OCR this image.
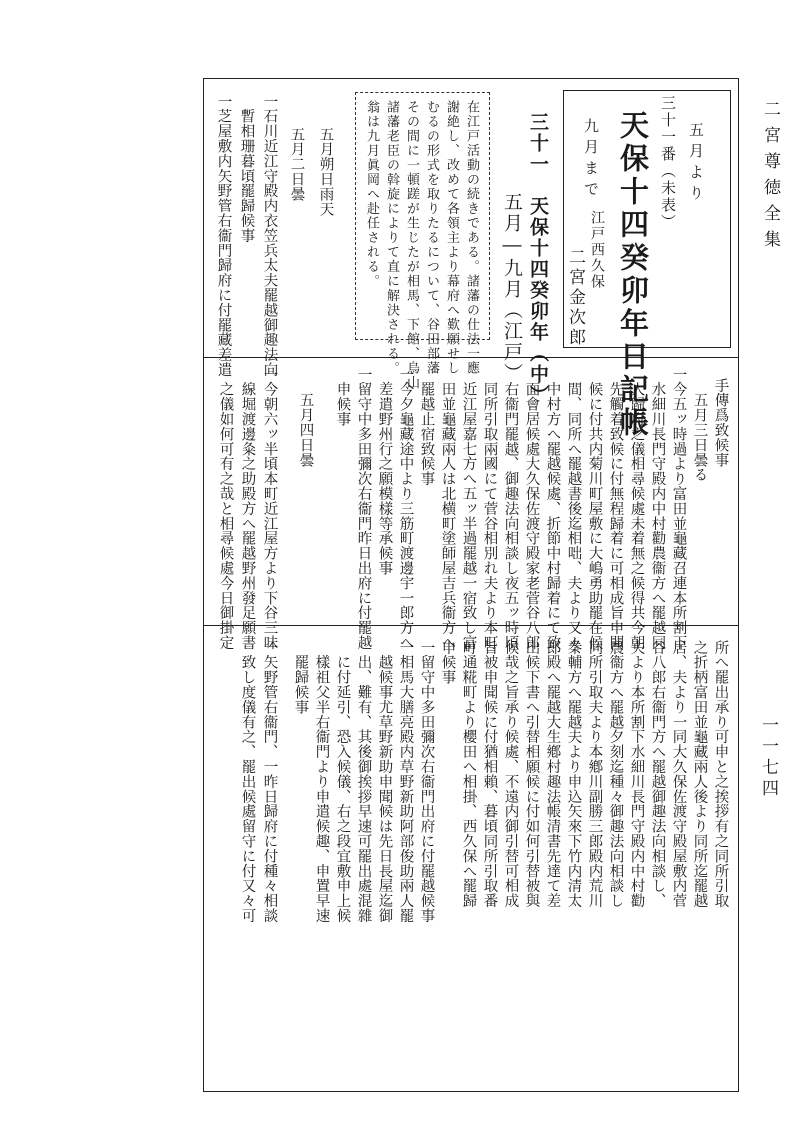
二宮尊徳全集
一一七四
五月より
三十一番（未表）
天保十四癸卯年日記帳
江戸西久保
九月まで
二宮金次郎
三十一　天保十四癸卯年（中）
五月―九月（江戸）
在江戸活動の続きである。諸藩の仕法一應
謝絶し、改めて各領主より幕府へ歎願せし
むるの形式を取りたるについて、谷田部藩
その間に一頓蹉が生じたが相馬、下館、烏山
諸藩老臣の斡旋によりて直に解決される。
翁は九月眞岡へ赴任される。
五月朔日雨天
五月二日曇
一石川近江守殿内衣笠兵太夫罷越御趣法向
　暫相珊暮頃罷歸候事
一芝屋敷内矢野管右衞門歸府に付罷藏差遣
手傳爲致候事
　五月三日曇る
一今五ッ時過より富田並龜藏召連本所割下
　水細川長門守殿内中村勸農衞方へ罷越同
　人歸府之儀相尋候處未着無之候得共今朝
　先觸着致候に付無程歸着に可相成旨申聞
　候に付共内菊川町屋敷に大嶋勇助罷在候
　間、同所へ罷越書後迄相咄、夫より又々
　中村方へ罷越候處、折節中村歸着にて致
　面會居候處大久保佐渡守殿家老菅谷八郎
　右衞門罷越、御趣法向相談し夜五ッ時頃
　同所引取兩國にて菅谷相別れ夫より本町
　近江屋嘉七方へ五ッ半過罷越一宿致し富
　田並龜藏兩人は北横町塗師屋吉兵衞方へ
　罷越止宿致候事
一今夕龜藏途中より三筋町渡邊宇一郎方へ
　差遣野州行之願模樣等承候事
一留守中多田彌次右衞門昨日出府に付罷越
　申候事
　五月四日曇
一今朝六ッ半頃本町近江屋方より下谷三味
　線堀渡邊粂之助殿方へ罷越野州發足願書
　之儀如何可有之哉と相尋候處今日御掛定
所へ罷出承り可申と之挨拶有之同所引取
之折柄富田並龜藏兩人後より同所迄罷越
居、夫より一同大久保佐渡守殿屋敷内菅
谷八郎右衞門方へ罷越御趣法向相談し、
夫より本所割下水細川長門守殿内中村勸
農衞方へ罷越夕刻迄種々御趣法向相談し
同所引取夫より本鄕川副勝三郎殿内荒川
桊輔方へ罷越夫より申込矢來下竹内清太
郎殿へ罷越大生鄕村趣法帳清書先達て差
出候下書へ引替相願候に付如何引替被與
候哉之旨承り候處、不遠内御引替可相成
旨被申聞候に付猶相賴、暮頃同所引取番
町通糀町より櫻田へ相掛、西久保へ罷歸
申候事
一留守中多田彌次右衞門出府に付罷越候事
一相馬大膳亮殿内草野新助阿部俊助兩人罷
　越候事尤草野新助申聞候は先日長屋迄御
　出、難有、其後御挨拶早速可罷出處混雜
　に付延引、恐入候儀、右之段宜敷申上候
　樣祖父半右衞門より申遣候趣、申置早速
　罷歸候事
一矢野管右衞門、一昨日歸府に付種々相談
　致し度儀有之、罷出候處留守に付又々可
